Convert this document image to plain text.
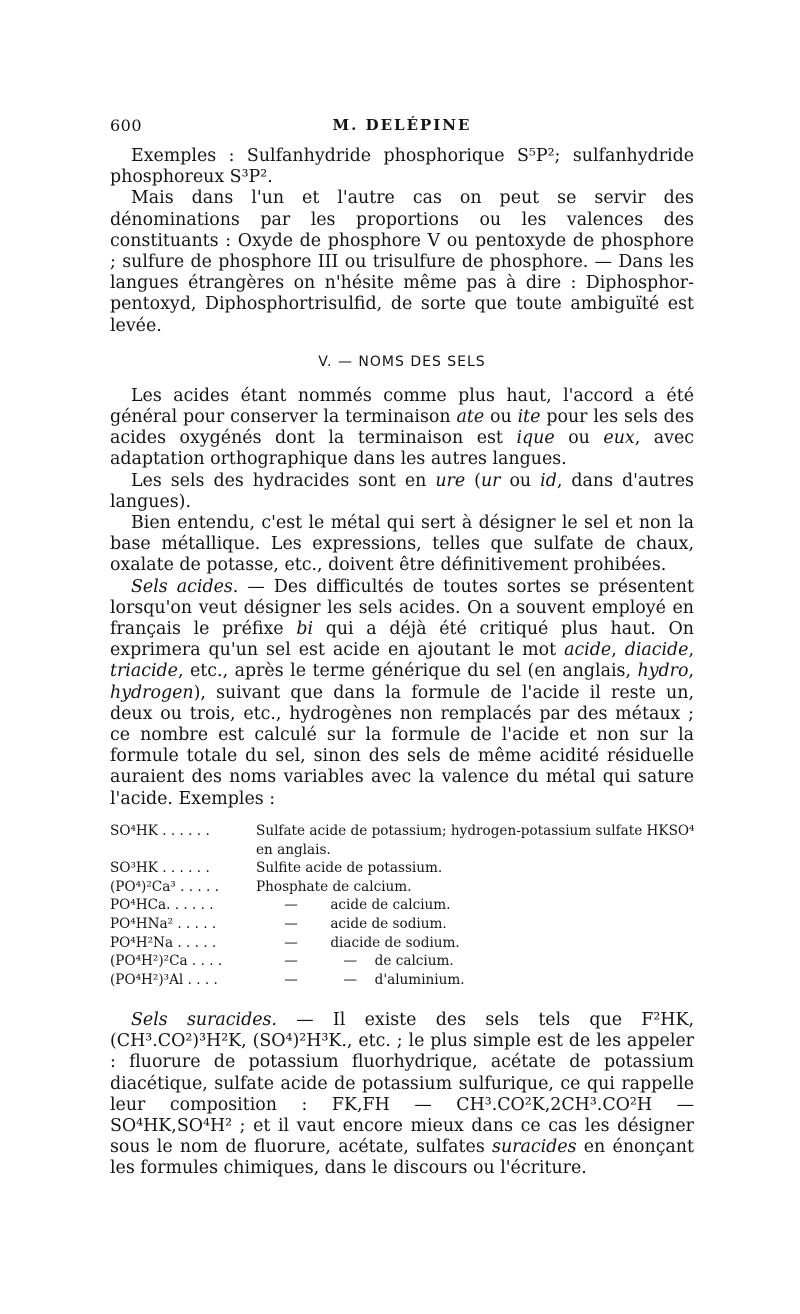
600	M. DELÉPINE

Exemples : Sulfanhydride phosphorique S⁵P²; sulfanhydride phosphoreux S³P².

Mais dans l'un et l'autre cas on peut se servir des dénominations par les proportions ou les valences des constituants : Oxyde de phosphore V ou pentoxyde de phosphore ; sulfure de phosphore III ou trisulfure de phosphore. — Dans les langues étrangères on n'hésite même pas à dire : Diphosphor-pentoxyd, Diphosphortrisulfid, de sorte que toute ambiguïté est levée.

V. — NOMS DES SELS

Les acides étant nommés comme plus haut, l'accord a été général pour conserver la terminaison ate ou ite pour les sels des acides oxygénés dont la terminaison est ique ou eux, avec adaptation orthographique dans les autres langues.

Les sels des hydracides sont en ure (ur ou id, dans d'autres langues).

Bien entendu, c'est le métal qui sert à désigner le sel et non la base métallique. Les expressions, telles que sulfate de chaux, oxalate de potasse, etc., doivent être définitivement prohibées.

Sels acides. — Des difficultés de toutes sortes se présentent lorsqu'on veut désigner les sels acides. On a souvent employé en français le préfixe bi qui a déjà été critiqué plus haut. On exprimera qu'un sel est acide en ajoutant le mot acide, diacide, triacide, etc., après le terme générique du sel (en anglais, hydro, hydrogen), suivant que dans la formule de l'acide il reste un, deux ou trois, etc., hydrogènes non remplacés par des métaux ; ce nombre est calculé sur la formule de l'acide et non sur la formule totale du sel, sinon des sels de même acidité résiduelle auraient des noms variables avec la valence du métal qui sature l'acide. Exemples :

SO⁴HK . . . . . .	Sulfate acide de potassium; hydrogen-potassium sulfate HKSO⁴
en anglais.
SO³HK . . . . . .	Sulfite acide de potassium.
(PO⁴)²Ca³ . . . . .	Phosphate de calcium.
PO⁴HCa. . . . . .	— acide de calcium.
PO⁴HNa² . . . . .	— acide de sodium.
PO⁴H²Na . . . . .	— diacide de sodium.
(PO⁴H²)²Ca . . . .	— — de calcium.
(PO⁴H²)³Al . . . .	— — d'aluminium.

Sels suracides. — Il existe des sels tels que F²HK, (CH³.CO²)³H²K, (SO⁴)²H³K., etc. ; le plus simple est de les appeler : fluorure de potassium fluorhydrique, acétate de potassium diacétique, sulfate acide de potassium sulfurique, ce qui rappelle leur composition : FK,FH — CH³.CO²K,2CH³.CO²H — SO⁴HK,SO⁴H² ; et il vaut encore mieux dans ce cas les désigner sous le nom de fluorure, acétate, sulfates suracides en énonçant les formules chimiques, dans le discours ou l'écriture.
